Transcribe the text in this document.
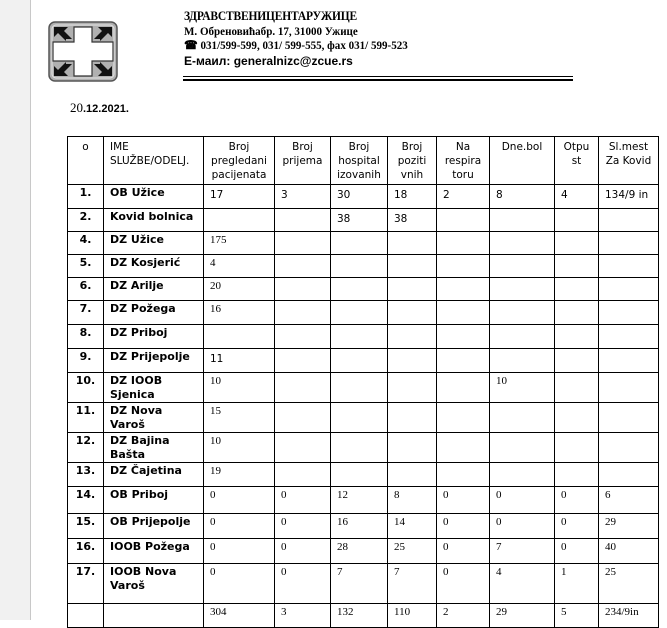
ЗДРАВСТВЕНИЦЕНТАРУЖИЦЕ
М. Обреновићабр. 17, 31000 Ужице
☎ 031/599-599, 031/ 599-555, фах 031/ 599-523
Е-маил: generalnizc@zcue.rs
20.12.2021.
o	IME SLUŽBE/ODELJ.	Broj pregledani pacijenata	Broj prijema	Broj hospital izovanih	Broj poziti vnih	Na respira toru	Dne.bol	Otpu st	Sl.mest Za Kovid
1.	OB Užice	17	3	30	18	2	8	4	134/9 in
2.	Kovid bolnica			38	38				
4.	DZ Užice	175							
5.	DZ Kosjerić	4							
6.	DZ Arilje	20							
7.	DZ Požega	16							
8.	DZ Priboj								
9.	DZ Prijepolje	11							
10.	DZ IOOB Sjenica	10					10		
11.	DZ Nova Varoš	15							
12.	DZ Bajina Bašta	10							
13.	DZ Čajetina	19							
14.	OB Priboj	0	0	12	8	0	0	0	6
15.	OB Prijepolje	0	0	16	14	0	0	0	29
16.	IOOB Požega	0	0	28	25	0	7	0	40
17.	IOOB Nova Varoš	0	0	7	7	0	4	1	25
		304	3	132	110	2	29	5	234/9in
